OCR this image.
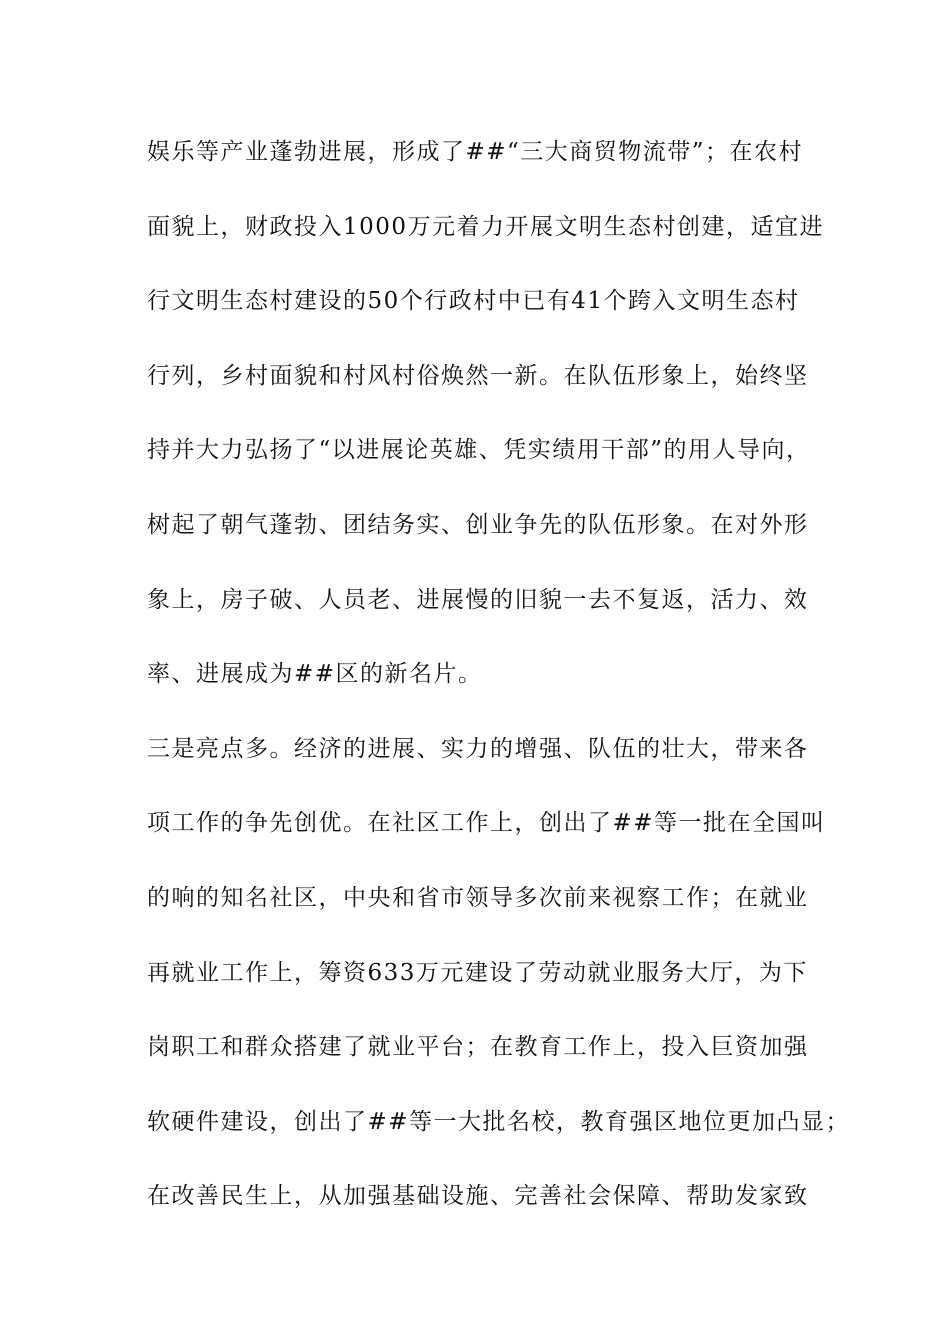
娱乐等产业蓬勃进展，形成了##“三大商贸物流带”；在农村
面貌上，财政投入1000万元着力开展文明生态村创建，适宜进
行文明生态村建设的50个行政村中已有41个跨入文明生态村
行列，乡村面貌和村风村俗焕然一新。在队伍形象上，始终坚
持并大力弘扬了“以进展论英雄、凭实绩用干部”的用人导向，
树起了朝气蓬勃、团结务实、创业争先的队伍形象。在对外形
象上，房子破、人员老、进展慢的旧貌一去不复返，活力、效
率、进展成为##区的新名片。
三是亮点多。经济的进展、实力的增强、队伍的壮大，带来各
项工作的争先创优。在社区工作上，创出了##等一批在全国叫
的响的知名社区，中央和省市领导多次前来视察工作；在就业
再就业工作上，筹资633万元建设了劳动就业服务大厅，为下
岗职工和群众搭建了就业平台；在教育工作上，投入巨资加强
软硬件建设，创出了##等一大批名校，教育强区地位更加凸显；
在改善民生上，从加强基础设施、完善社会保障、帮助发家致
